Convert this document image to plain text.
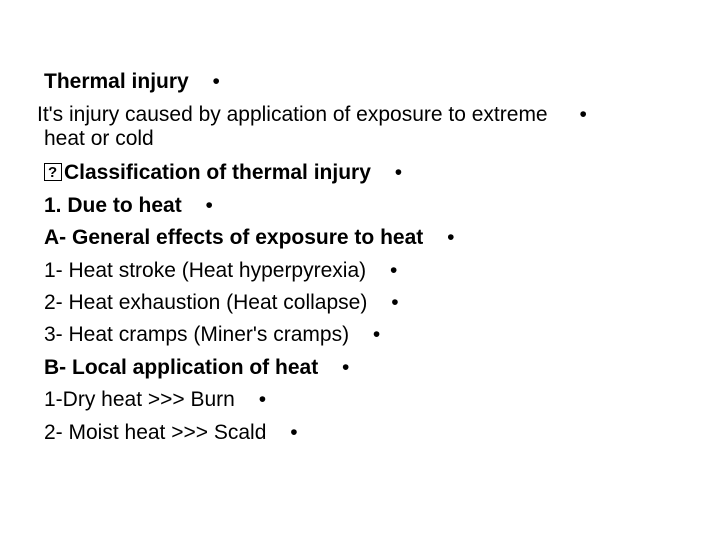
Thermal injury •
It's injury caused by application of exposure to extreme •
heat or cold
?Classification of thermal injury •
1. Due to heat •
A- General effects of exposure to heat •
1- Heat stroke (Heat hyperpyrexia) •
2- Heat exhaustion (Heat collapse) •
3- Heat cramps (Miner's cramps) •
B- Local application of heat •
1-Dry heat >>> Burn •
2- Moist heat >>> Scald •
